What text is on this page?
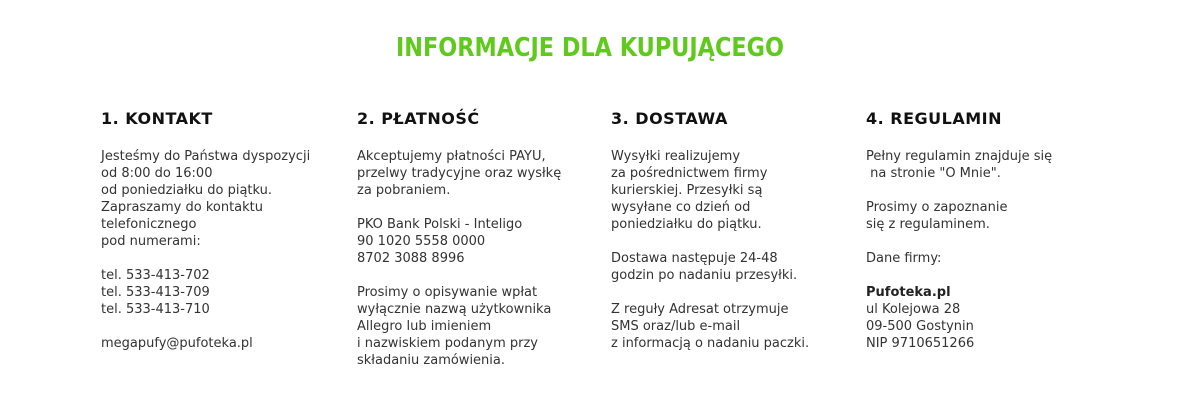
INFORMACJE DLA KUPUJĄCEGO
1. KONTAKT
Jesteśmy do Państwa dyspozycji
od 8:00 do 16:00
od poniedziałku do piątku.
Zapraszamy do kontaktu
telefonicznego
pod numerami:
tel. 533-413-702
tel. 533-413-709
tel. 533-413-710
megapufy@pufoteka.pl
2. PŁATNOŚĆ
Akceptujemy płatności PAYU,
przelwy tradycyjne oraz wysłkę
za pobraniem.
PKO Bank Polski - Inteligo
90 1020 5558 0000
8702 3088 8996
Prosimy o opisywanie wpłat
wyłącznie nazwą użytkownika
Allegro lub imieniem
i nazwiskiem podanym przy
składaniu zamówienia.
3. DOSTAWA
Wysyłki realizujemy
za pośrednictwem firmy
kurierskiej. Przesyłki są
wysyłane co dzień od
poniedziałku do piątku.
Dostawa następuje 24-48
godzin po nadaniu przesyłki.
Z reguły Adresat otrzymuje
SMS oraz/lub e-mail
z informacją o nadaniu paczki.
4. REGULAMIN
Pełny regulamin znajduje się
na stronie "O Mnie".
Prosimy o zapoznanie
się z regulaminem.
Dane firmy:
Pufoteka.pl
ul Kolejowa 28
09-500 Gostynin
NIP 9710651266
